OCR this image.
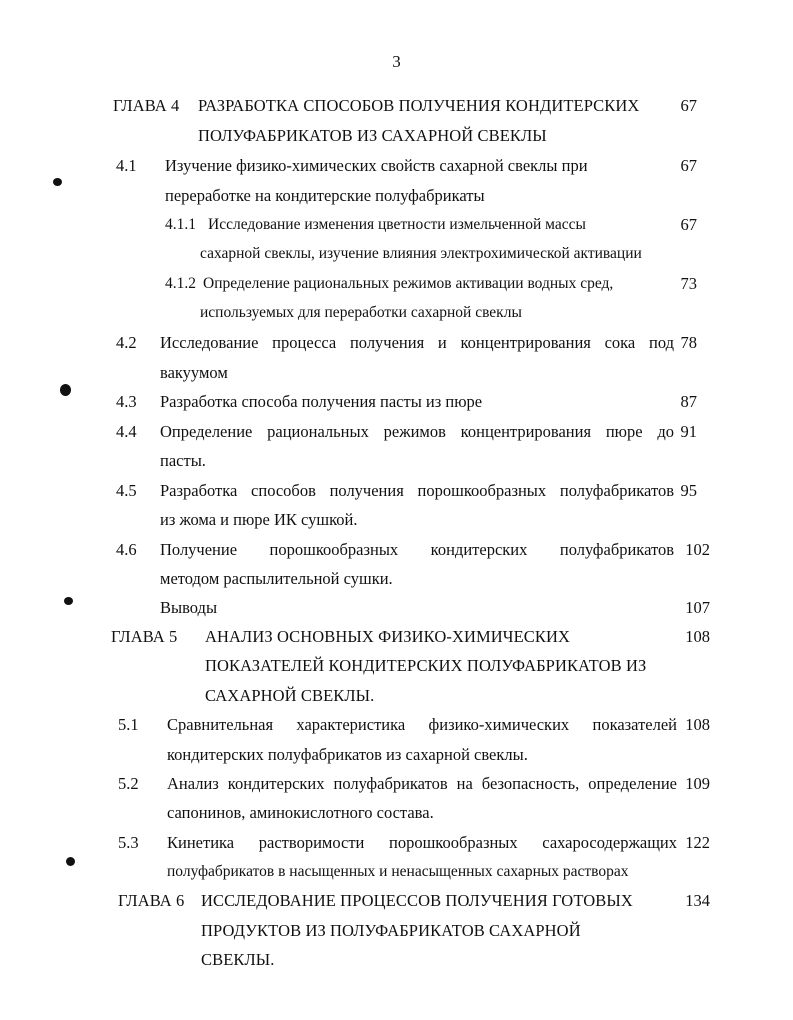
3
ГЛАВА 4 РАЗРАБОТКА СПОСОБОВ ПОЛУЧЕНИЯ КОНДИТЕРСКИХ
ПОЛУФАБРИКАТОВ ИЗ САХАРНОЙ СВЕКЛЫ
67
4.1 Изучение физико-химических свойств сахарной свеклы при
переработке на кондитерские полуфабрикаты
67
4.1.1 Исследование изменения цветности измельченной массы
сахарной свеклы, изучение влияния электрохимической активации
67
4.1.2 Определение рациональных режимов активации водных сред,
используемых для переработки сахарной свеклы
73
4.2 Исследование процесса получения и концентрирования сока под
вакуумом
78
4.3 Разработка способа получения пасты из пюре	87
4.4 Определение рациональных режимов концентрирования пюре до
пасты.
91
4.5 Разработка способов получения порошкообразных полуфабрикатов
из жома и пюре ИК сушкой.
95
4.6 Получение порошкообразных кондитерских полуфабрикатов
методом распылительной сушки.
102
Выводы	107
ГЛАВА 5 АНАЛИЗ ОСНОВНЫХ ФИЗИКО-ХИМИЧЕСКИХ
ПОКАЗАТЕЛЕЙ КОНДИТЕРСКИХ ПОЛУФАБРИКАТОВ ИЗ
САХАРНОЙ СВЕКЛЫ.
108
5.1 Сравнительная характеристика физико-химических показателей
кондитерских полуфабрикатов из сахарной свеклы.
108
5.2 Анализ кондитерских полуфабрикатов на безопасность, определение
сапонинов, аминокислотного состава.
109
5.3 Кинетика растворимости порошкообразных сахаросодержащих
полуфабрикатов в насыщенных и ненасыщенных сахарных растворах
122
ГЛАВА 6 ИССЛЕДОВАНИЕ ПРОЦЕССОВ ПОЛУЧЕНИЯ ГОТОВЫХ
ПРОДУКТОВ ИЗ ПОЛУФАБРИКАТОВ САХАРНОЙ
СВЕКЛЫ.
134
